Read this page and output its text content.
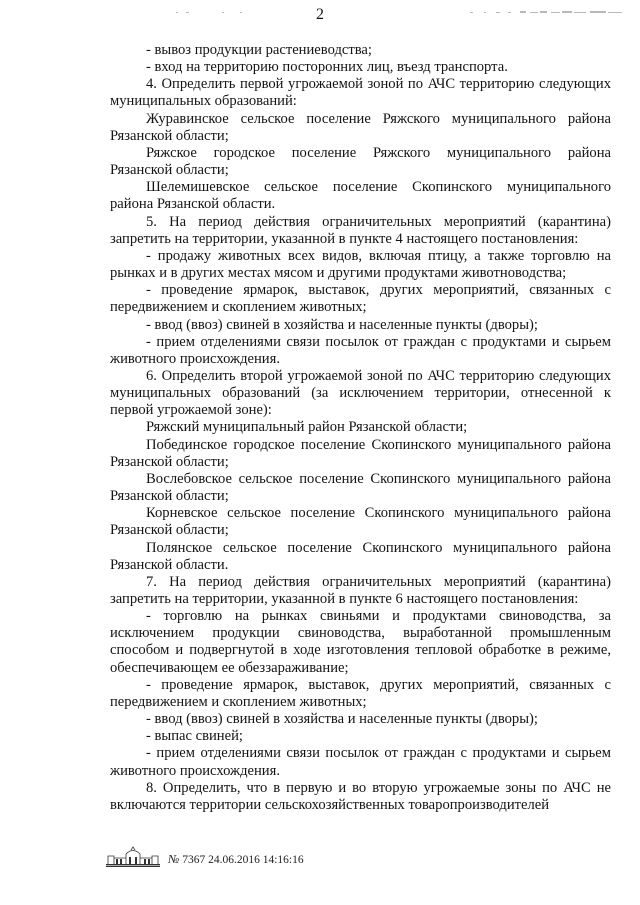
2

- вывоз продукции растениеводства;

- вход на территорию посторонних лиц, въезд транспорта.

4. Определить первой угрожаемой зоной по АЧС территорию следующих муниципальных образований:

Журавинское сельское поселение Ряжского муниципального района Рязанской области;

Ряжское городское поселение Ряжского муниципального района Рязанской области;

Шелемишевское сельское поселение Скопинского муниципального района Рязанской области.

5. На период действия ограничительных мероприятий (карантина) запретить на территории, указанной в пункте 4 настоящего постановления:

- продажу животных всех видов, включая птицу, а также торговлю на рынках и в других местах мясом и другими продуктами животноводства;

- проведение ярмарок, выставок, других мероприятий, связанных с передвижением и скоплением животных;

- ввод (ввоз) свиней в хозяйства и населенные пункты (дворы);

- прием отделениями связи посылок от граждан с продуктами и сырьем животного происхождения.

6. Определить второй угрожаемой зоной по АЧС территорию следующих муниципальных образований (за исключением территории, отнесенной к первой угрожаемой зоне):

Ряжский муниципальный район Рязанской области;

Побединское городское поселение Скопинского муниципального района Рязанской области;

Вослебовское сельское поселение Скопинского муниципального района Рязанской области;

Корневское сельское поселение Скопинского муниципального района Рязанской области;

Полянское сельское поселение Скопинского муниципального района Рязанской области.

7. На период действия ограничительных мероприятий (карантина) запретить на территории, указанной в пункте 6 настоящего постановления:

- торговлю на рынках свиньями и продуктами свиноводства, за исключением продукции свиноводства, выработанной промышленным способом и подвергнутой в ходе изготовления тепловой обработке в режиме, обеспечивающем ее обеззараживание;

- проведение ярмарок, выставок, других мероприятий, связанных с передвижением и скоплением животных;

- ввод (ввоз) свиней в хозяйства и населенные пункты (дворы);

- выпас свиней;

- прием отделениями связи посылок от граждан с продуктами и сырьем животного происхождения.

8. Определить, что в первую и во вторую угрожаемые зоны по АЧС не включаются территории сельскохозяйственных товаропроизводителей

№ 7367 24.06.2016 14:16:16
